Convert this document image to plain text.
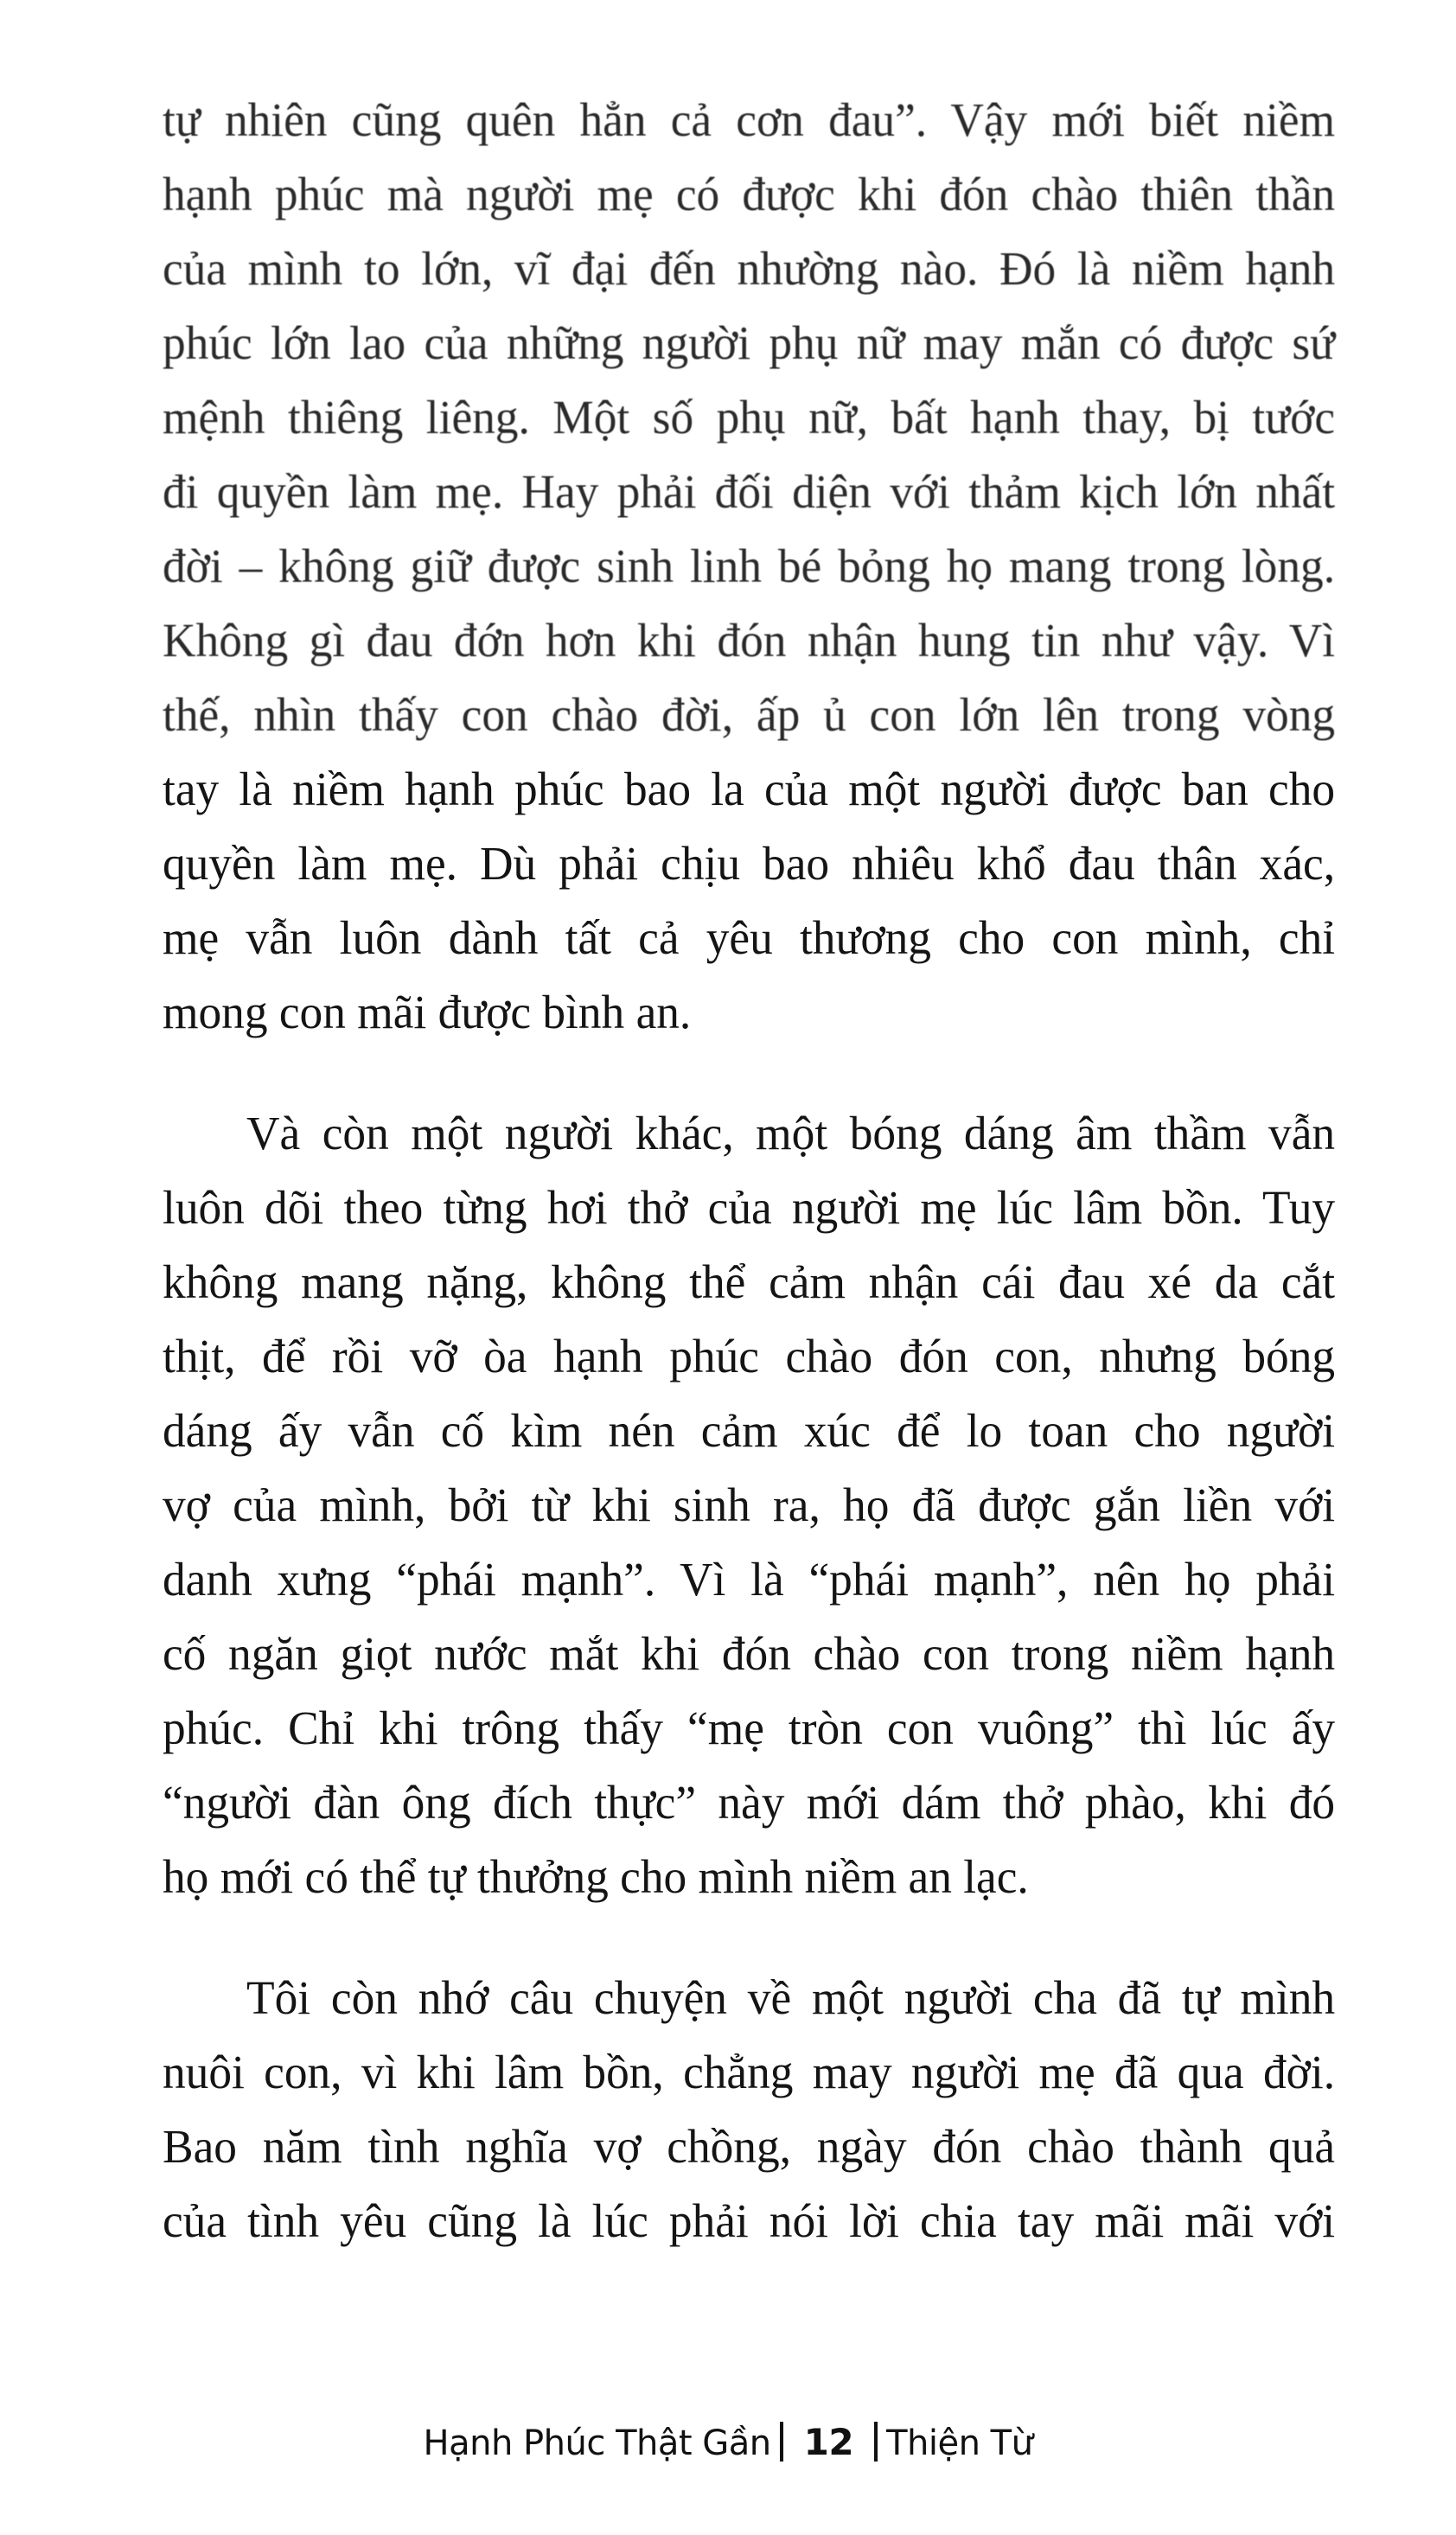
tự nhiên cũng quên hẳn cả cơn đau”. Vậy mới biết niềm
hạnh phúc mà người mẹ có được khi đón chào thiên thần
của mình to lớn, vĩ đại đến nhường nào. Đó là niềm hạnh
phúc lớn lao của những người phụ nữ may mắn có được sứ
mệnh thiêng liêng. Một số phụ nữ, bất hạnh thay, bị tước
đi quyền làm mẹ. Hay phải đối diện với thảm kịch lớn nhất
đời – không giữ được sinh linh bé bỏng họ mang trong lòng.
Không gì đau đớn hơn khi đón nhận hung tin như vậy. Vì
thế, nhìn thấy con chào đời, ấp ủ con lớn lên trong vòng
tay là niềm hạnh phúc bao la của một người được ban cho
quyền làm mẹ. Dù phải chịu bao nhiêu khổ đau thân xác,
mẹ vẫn luôn dành tất cả yêu thương cho con mình, chỉ
mong con mãi được bình an.
Và còn một người khác, một bóng dáng âm thầm vẫn
luôn dõi theo từng hơi thở của người mẹ lúc lâm bồn. Tuy
không mang nặng, không thể cảm nhận cái đau xé da cắt
thịt, để rồi vỡ òa hạnh phúc chào đón con, nhưng bóng
dáng ấy vẫn cố kìm nén cảm xúc để lo toan cho người
vợ của mình, bởi từ khi sinh ra, họ đã được gắn liền với
danh xưng “phái mạnh”. Vì là “phái mạnh”, nên họ phải
cố ngăn giọt nước mắt khi đón chào con trong niềm hạnh
phúc. Chỉ khi trông thấy “mẹ tròn con vuông” thì lúc ấy
“người đàn ông đích thực” này mới dám thở phào, khi đó
họ mới có thể tự thưởng cho mình niềm an lạc.
Tôi còn nhớ câu chuyện về một người cha đã tự mình
nuôi con, vì khi lâm bồn, chẳng may người mẹ đã qua đời.
Bao năm tình nghĩa vợ chồng, ngày đón chào thành quả
của tình yêu cũng là lúc phải nói lời chia tay mãi mãi với
Hạnh Phúc Thật Gần 12 Thiện Từ
